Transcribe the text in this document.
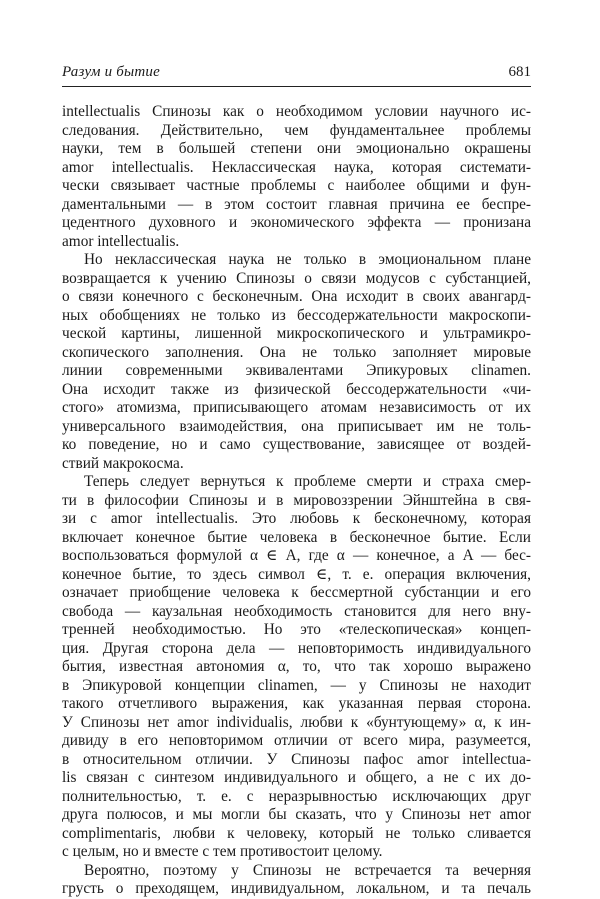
Разум и бытие	681
intellectualis Спинозы как о необходимом условии научного ис-
следования. Действительно, чем фундаментальнее проблемы
науки, тем в большей степени они эмоционально окрашены
amor intellectualis. Неклассическая наука, которая системати-
чески связывает частные проблемы с наиболее общими и фун-
даментальными — в этом состоит главная причина ее беспре-
цедентного духовного и экономического эффекта — пронизана
amor intellectualis.
Но неклассическая наука не только в эмоциональном плане
возвращается к учению Спинозы о связи модусов с субстанцией,
о связи конечного с бесконечным. Она исходит в своих авангард-
ных обобщениях не только из бессодержательности макроскопи-
ческой картины, лишенной микроскопического и ультрамикро-
скопического заполнения. Она не только заполняет мировые
линии современными эквивалентами Эпикуровых clinamen.
Она исходит также из физической бессодержательности «чи-
стого» атомизма, приписывающего атомам независимость от их
универсального взаимодействия, она приписывает им не толь-
ко поведение, но и само существование, зависящее от воздей-
ствий макрокосма.
Теперь следует вернуться к проблеме смерти и страха смер-
ти в философии Спинозы и в мировоззрении Эйнштейна в свя-
зи с amor intellectualis. Это любовь к бесконечному, которая
включает конечное бытие человека в бесконечное бытие. Если
воспользоваться формулой α ∈ A, где α — конечное, а A — бес-
конечное бытие, то здесь символ ∈, т. е. операция включения,
означает приобщение человека к бессмертной субстанции и его
свобода — каузальная необходимость становится для него вну-
тренней необходимостью. Но это «телескопическая» концеп-
ция. Другая сторона дела — неповторимость индивидуального
бытия, известная автономия α, то, что так хорошо выражено
в Эпикуровой концепции clinamen, — у Спинозы не находит
такого отчетливого выражения, как указанная первая сторона.
У Спинозы нет amor individualis, любви к «бунтующему» α, к ин-
дивиду в его неповторимом отличии от всего мира, разумеется,
в относительном отличии. У Спинозы пафос amor intellectua-
lis связан с синтезом индивидуального и общего, а не с их до-
полнительностью, т. е. с неразрывностью исключающих друг
друга полюсов, и мы могли бы сказать, что у Спинозы нет amor
complimentaris, любви к человеку, который не только сливается
с целым, но и вместе с тем противостоит целому.
Вероятно, поэтому у Спинозы не встречается та вечерняя
грусть о преходящем, индивидуальном, локальном, и та печаль
